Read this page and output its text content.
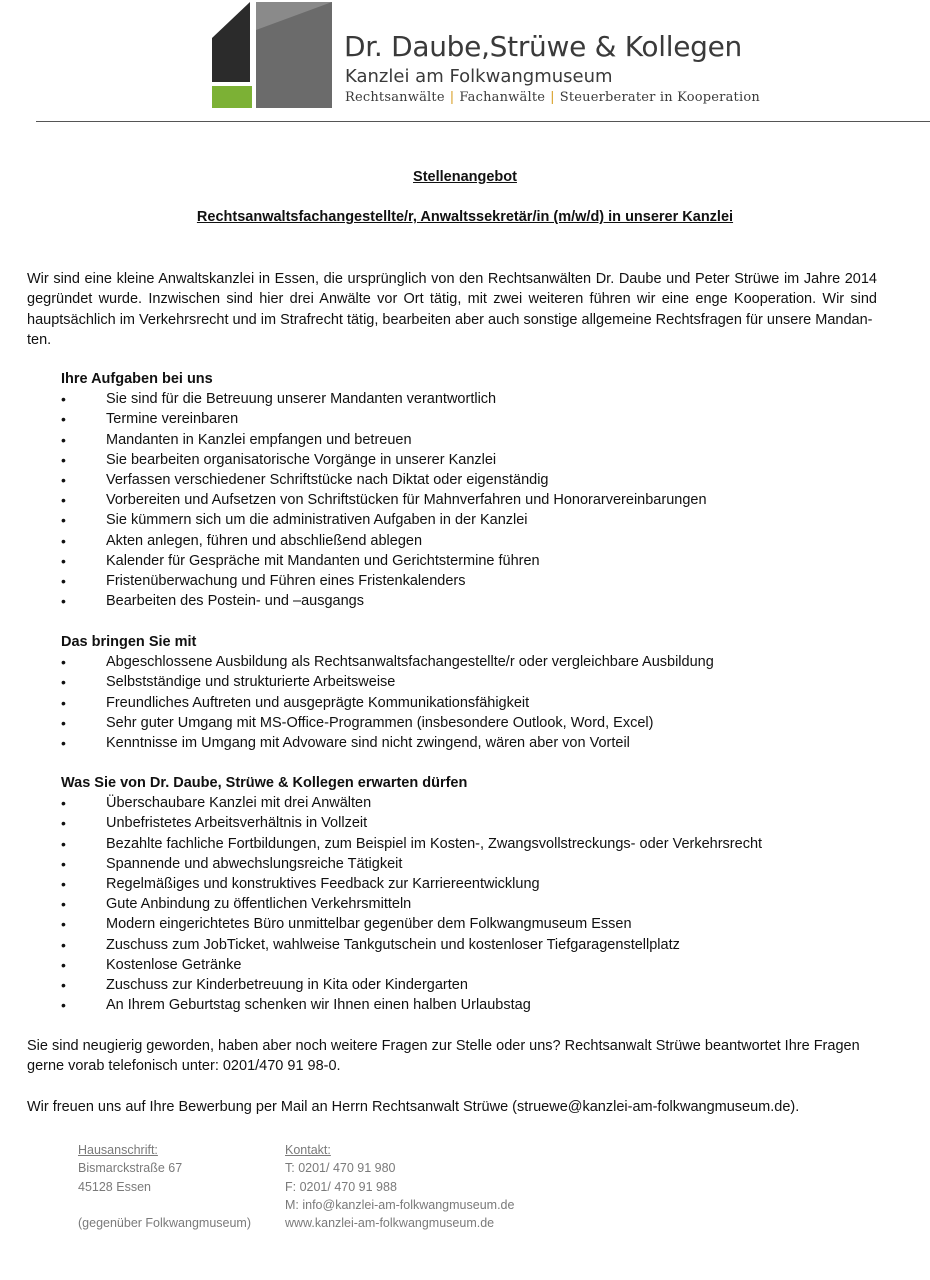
Dr. Daube,Strüwe & Kollegen
Kanzlei am Folkwangmuseum
Rechtsanwälte | Fachanwälte | Steuerberater in Kooperation
Stellenangebot
Rechtsanwaltsfachangestellte/r, Anwaltssekretär/in (m/w/d) in unserer Kanzlei
Wir sind eine kleine Anwaltskanzlei in Essen, die ursprünglich von den Rechtsanwälten Dr. Daube und Peter Strüwe im Jahre 2014 gegründet wurde. Inzwischen sind hier drei Anwälte vor Ort tätig, mit zwei weiteren führen wir eine enge Kooperation. Wir sind hauptsächlich im Verkehrsrecht und im Strafrecht tätig, bearbeiten aber auch sonstige allgemeine Rechtsfragen für unsere Mandan-
ten.
Ihre Aufgaben bei uns
• Sie sind für die Betreuung unserer Mandanten verantwortlich
• Termine vereinbaren
• Mandanten in Kanzlei empfangen und betreuen
• Sie bearbeiten organisatorische Vorgänge in unserer Kanzlei
• Verfassen verschiedener Schriftstücke nach Diktat oder eigenständig
• Vorbereiten und Aufsetzen von Schriftstücken für Mahnverfahren und Honorarvereinbarungen
• Sie kümmern sich um die administrativen Aufgaben in der Kanzlei
• Akten anlegen, führen und abschließend ablegen
• Kalender für Gespräche mit Mandanten und Gerichtstermine führen
• Fristenüberwachung und Führen eines Fristenkalenders
• Bearbeiten des Postein- und –ausgangs
Das bringen Sie mit
• Abgeschlossene Ausbildung als Rechtsanwaltsfachangestellte/r oder vergleichbare Ausbildung
• Selbstständige und strukturierte Arbeitsweise
• Freundliches Auftreten und ausgeprägte Kommunikationsfähigkeit
• Sehr guter Umgang mit MS-Office-Programmen (insbesondere Outlook, Word, Excel)
• Kenntnisse im Umgang mit Advoware sind nicht zwingend, wären aber von Vorteil
Was Sie von Dr. Daube, Strüwe & Kollegen erwarten dürfen
• Überschaubare Kanzlei mit drei Anwälten
• Unbefristetes Arbeitsverhältnis in Vollzeit
• Bezahlte fachliche Fortbildungen, zum Beispiel im Kosten-, Zwangsvollstreckungs- oder Verkehrsrecht
• Spannende und abwechslungsreiche Tätigkeit
• Regelmäßiges und konstruktives Feedback zur Karriereentwicklung
• Gute Anbindung zu öffentlichen Verkehrsmitteln
• Modern eingerichtetes Büro unmittelbar gegenüber dem Folkwangmuseum Essen
• Zuschuss zum JobTicket, wahlweise Tankgutschein und kostenloser Tiefgaragenstellplatz
• Kostenlose Getränke
• Zuschuss zur Kinderbetreuung in Kita oder Kindergarten
• An Ihrem Geburtstag schenken wir Ihnen einen halben Urlaubstag
Sie sind neugierig geworden, haben aber noch weitere Fragen zur Stelle oder uns? Rechtsanwalt Strüwe beantwortet Ihre Fragen
gerne vorab telefonisch unter: 0201/470 91 98-0.
Wir freuen uns auf Ihre Bewerbung per Mail an Herrn Rechtsanwalt Strüwe (struewe@kanzlei-am-folkwangmuseum.de).
Hausanschrift:
Bismarckstraße 67
45128 Essen

(gegenüber Folkwangmuseum)
Kontakt:
T: 0201/ 470 91 980
F: 0201/ 470 91 988
M: info@kanzlei-am-folkwangmuseum.de
www.kanzlei-am-folkwangmuseum.de
